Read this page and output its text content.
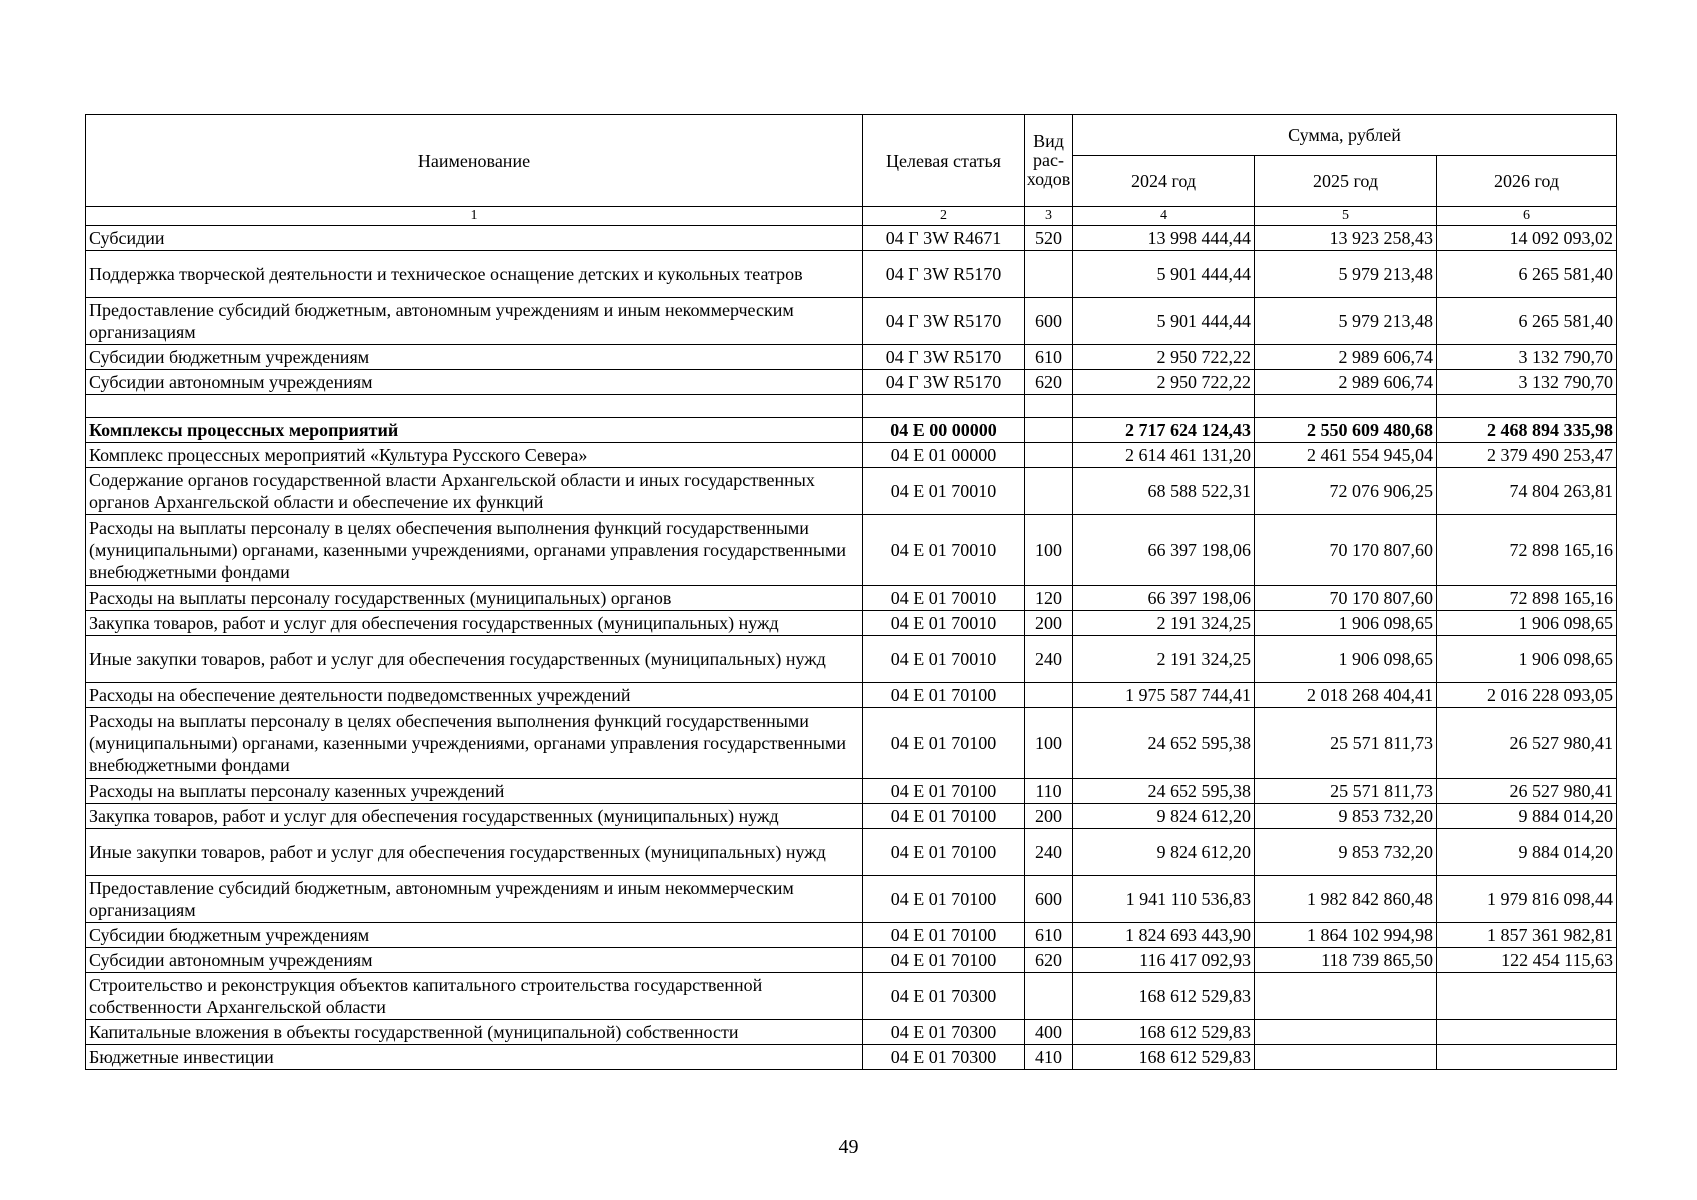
Наименование	Целевая статья	Вид рас-ходов	Сумма, рублей		
			2024 год	2025 год	2026 год
1	2	3	4	5	6
Субсидии	04 Г 3W R4671	520	13 998 444,44	13 923 258,43	14 092 093,02
Поддержка творческой деятельности и техническое оснащение детских и кукольных театров	04 Г 3W R5170		5 901 444,44	5 979 213,48	6 265 581,40
Предоставление субсидий бюджетным, автономным учреждениям и иным некоммерческим организациям	04 Г 3W R5170	600	5 901 444,44	5 979 213,48	6 265 581,40
Субсидии бюджетным учреждениям	04 Г 3W R5170	610	2 950 722,22	2 989 606,74	3 132 790,70
Субсидии автономным учреждениям	04 Г 3W R5170	620	2 950 722,22	2 989 606,74	3 132 790,70

Комплексы процессных мероприятий	04 Е 00 00000		2 717 624 124,43	2 550 609 480,68	2 468 894 335,98
Комплекс процессных мероприятий «Культура Русского Севера»	04 Е 01 00000		2 614 461 131,20	2 461 554 945,04	2 379 490 253,47
Содержание органов государственной власти Архангельской области и иных государственных органов Архангельской области и обеспечение их функций	04 Е 01 70010		68 588 522,31	72 076 906,25	74 804 263,81
Расходы на выплаты персоналу в целях обеспечения выполнения функций государственными (муниципальными) органами, казенными учреждениями, органами управления государственными внебюджетными фондами	04 Е 01 70010	100	66 397 198,06	70 170 807,60	72 898 165,16
Расходы на выплаты персоналу государственных (муниципальных) органов	04 Е 01 70010	120	66 397 198,06	70 170 807,60	72 898 165,16
Закупка товаров, работ и услуг для обеспечения государственных (муниципальных) нужд	04 Е 01 70010	200	2 191 324,25	1 906 098,65	1 906 098,65
Иные закупки товаров, работ и услуг для обеспечения государственных (муниципальных) нужд	04 Е 01 70010	240	2 191 324,25	1 906 098,65	1 906 098,65
Расходы на обеспечение деятельности подведомственных учреждений	04 Е 01 70100		1 975 587 744,41	2 018 268 404,41	2 016 228 093,05
Расходы на выплаты персоналу в целях обеспечения выполнения функций государственными (муниципальными) органами, казенными учреждениями, органами управления государственными внебюджетными фондами	04 Е 01 70100	100	24 652 595,38	25 571 811,73	26 527 980,41
Расходы на выплаты персоналу казенных учреждений	04 Е 01 70100	110	24 652 595,38	25 571 811,73	26 527 980,41
Закупка товаров, работ и услуг для обеспечения государственных (муниципальных) нужд	04 Е 01 70100	200	9 824 612,20	9 853 732,20	9 884 014,20
Иные закупки товаров, работ и услуг для обеспечения государственных (муниципальных) нужд	04 Е 01 70100	240	9 824 612,20	9 853 732,20	9 884 014,20
Предоставление субсидий бюджетным, автономным учреждениям и иным некоммерческим организациям	04 Е 01 70100	600	1 941 110 536,83	1 982 842 860,48	1 979 816 098,44
Субсидии бюджетным учреждениям	04 Е 01 70100	610	1 824 693 443,90	1 864 102 994,98	1 857 361 982,81
Субсидии автономным учреждениям	04 Е 01 70100	620	116 417 092,93	118 739 865,50	122 454 115,63
Строительство и реконструкция объектов капитального строительства государственной собственности Архангельской области	04 Е 01 70300		168 612 529,83		
Капитальные вложения в объекты государственной (муниципальной) собственности	04 Е 01 70300	400	168 612 529,83		
Бюджетные инвестиции	04 Е 01 70300	410	168 612 529,83		
49
